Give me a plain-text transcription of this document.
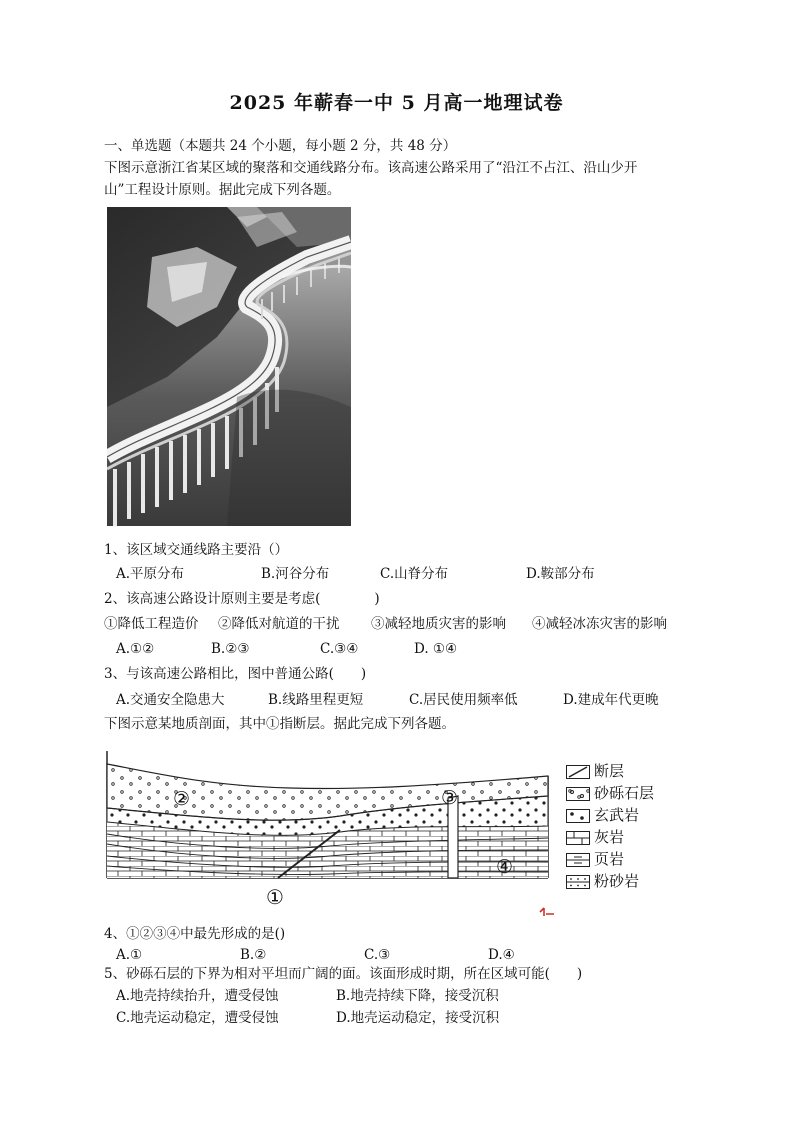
2025 年蕲春一中 5 月高一地理试卷
一、单选题（本题共 24 个小题，每小题 2 分，共 48 分）
下图示意浙江省某区域的聚落和交通线路分布。该高速公路采用了“沿江不占江、沿山少开
山”工程设计原则。据此完成下列各题。
1、该区域交通线路主要沿（）
A.平原分布	B.河谷分布	C.山脊分布	D.鞍部分布
2、该高速公路设计原则主要是考虑(　　　　)
①降低工程造价 ②降低对航道的干扰 ③减轻地质灾害的影响 ④减轻冰冻灾害的影响
A.①②	B.②③	C.③④	D. ①④
3、与该高速公路相比，图中普通公路(　　)
A.交通安全隐患大	B.线路里程更短	C.居民使用频率低	D.建成年代更晚
下图示意某地质剖面，其中①指断层。据此完成下列各题。
②	③
④
①
断层
砂砾石层
玄武岩
灰岩
页岩
粉砂岩
4、①②③④中最先形成的是()
A.①	B.②	C.③	D.④
5、砂砾石层的下界为相对平坦而广阔的面。该面形成时期，所在区域可能(　　)
A.地壳持续抬升，遭受侵蚀	B.地壳持续下降，接受沉积
C.地壳运动稳定，遭受侵蚀	D.地壳运动稳定，接受沉积
